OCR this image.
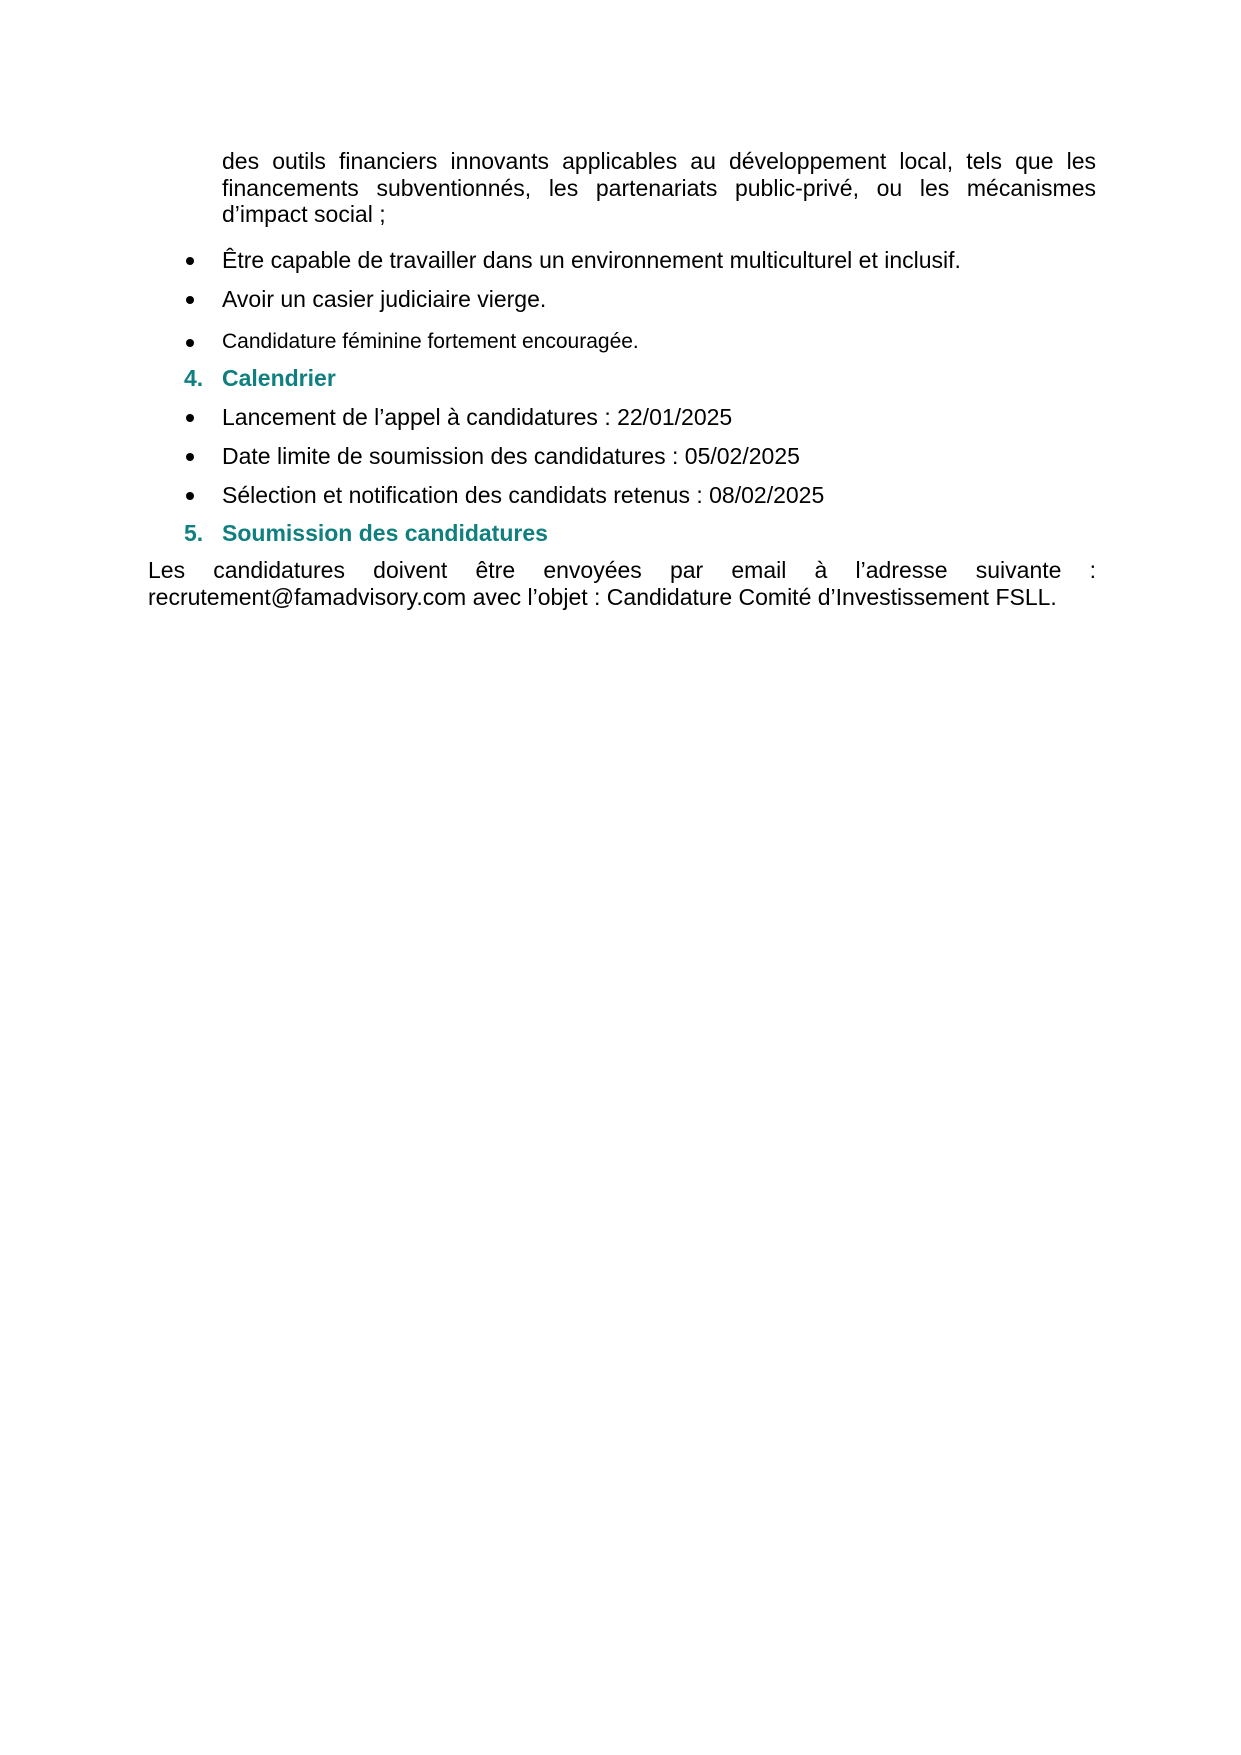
des outils financiers innovants applicables au développement local, tels que les financements subventionnés, les partenariats public-privé, ou les mécanismes d’impact social ;
Être capable de travailler dans un environnement multiculturel et inclusif.
Avoir un casier judiciaire vierge.
Candidature féminine fortement encouragée.
4. Calendrier
Lancement de l’appel à candidatures : 22/01/2025
Date limite de soumission des candidatures : 05/02/2025
Sélection et notification des candidats retenus : 08/02/2025
5. Soumission des candidatures
Les candidatures doivent être envoyées par email à l’adresse suivante :
recrutement@famadvisory.com avec l’objet : Candidature Comité d’Investissement FSLL.
